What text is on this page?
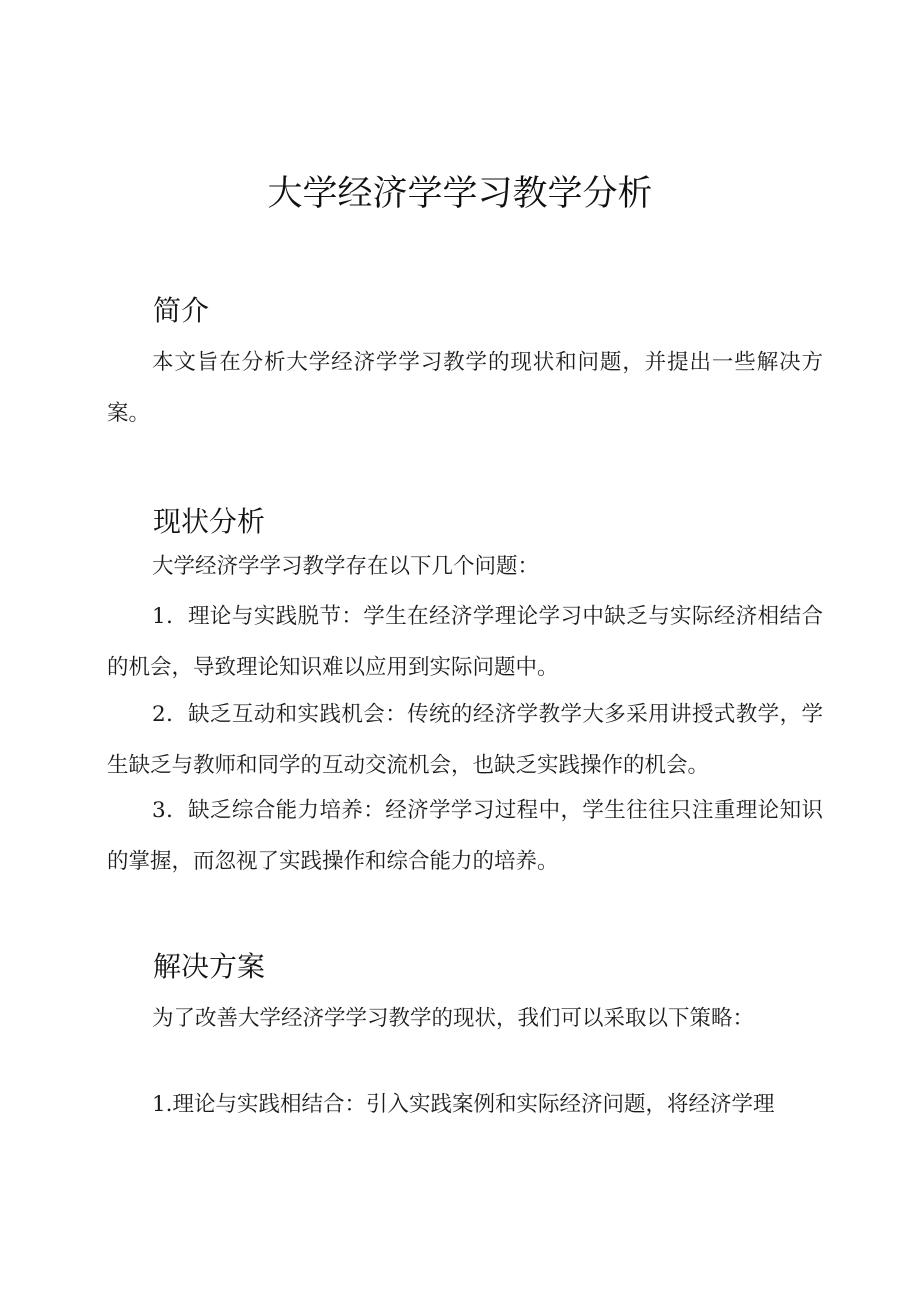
大学经济学学习教学分析
简介

本文旨在分析大学经济学学习教学的现状和问题，并提出一些解决方案。

现状分析

大学经济学学习教学存在以下几个问题：

1．理论与实践脱节：学生在经济学理论学习中缺乏与实际经济相结合的机会，导致理论知识难以应用到实际问题中。

2．缺乏互动和实践机会：传统的经济学教学大多采用讲授式教学，学生缺乏与教师和同学的互动交流机会，也缺乏实践操作的机会。

3．缺乏综合能力培养：经济学学习过程中，学生往往只注重理论知识的掌握，而忽视了实践操作和综合能力的培养。

解决方案

为了改善大学经济学学习教学的现状，我们可以采取以下策略：

1.理论与实践相结合：引入实践案例和实际经济问题，将经济学理
